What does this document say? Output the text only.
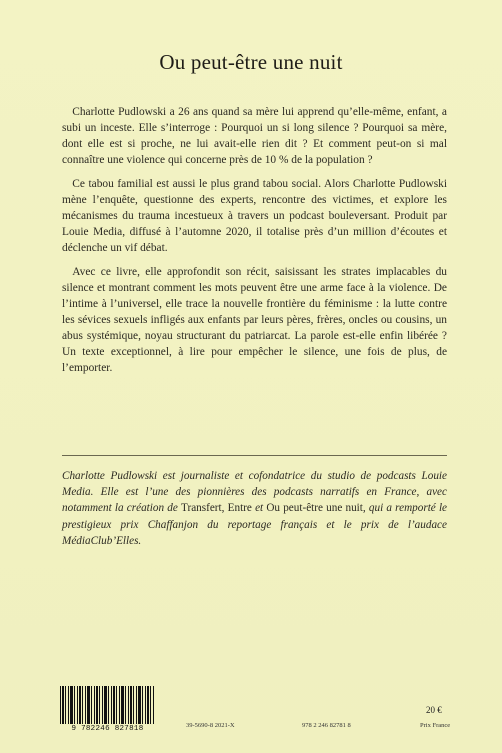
Ou peut-être une nuit

Charlotte Pudlowski a 26 ans quand sa mère lui apprend qu’elle-même, enfant, a subi un inceste. Elle s’interroge : Pourquoi un si long silence ? Pourquoi sa mère, dont elle est si proche, ne lui avait-elle rien dit ? Et comment peut-on si mal connaître une violence qui concerne près de 10 % de la population ?

Ce tabou familial est aussi le plus grand tabou social. Alors Charlotte Pudlowski mène l’enquête, questionne des experts, rencontre des victimes, et explore les mécanismes du trauma incestueux à travers un podcast bouleversant. Produit par Louie Media, diffusé à l’automne 2020, il totalise près d’un million d’écoutes et déclenche un vif débat.

Avec ce livre, elle approfondit son récit, saisissant les strates implacables du silence et montrant comment les mots peuvent être une arme face à la violence. De l’intime à l’universel, elle trace la nouvelle frontière du féminisme : la lutte contre les sévices sexuels infligés aux enfants par leurs pères, frères, oncles ou cousins, un abus systémique, noyau structurant du patriarcat. La parole est-elle enfin libérée ? Un texte exceptionnel, à lire pour empêcher le silence, une fois de plus, de l’emporter.

Charlotte Pudlowski est journaliste et cofondatrice du studio de podcasts Louie Media. Elle est l’une des pionnières des podcasts narratifs en France, avec notamment la création de Transfert, Entre et Ou peut-être une nuit, qui a remporté le prestigieux prix Chaffanjon du reportage français et le prix de l’audace MédiaClub’Elles.
9 782246 827818	39-5690-8 2021-X	978 2 246 82781 8
20 €
Prix France
